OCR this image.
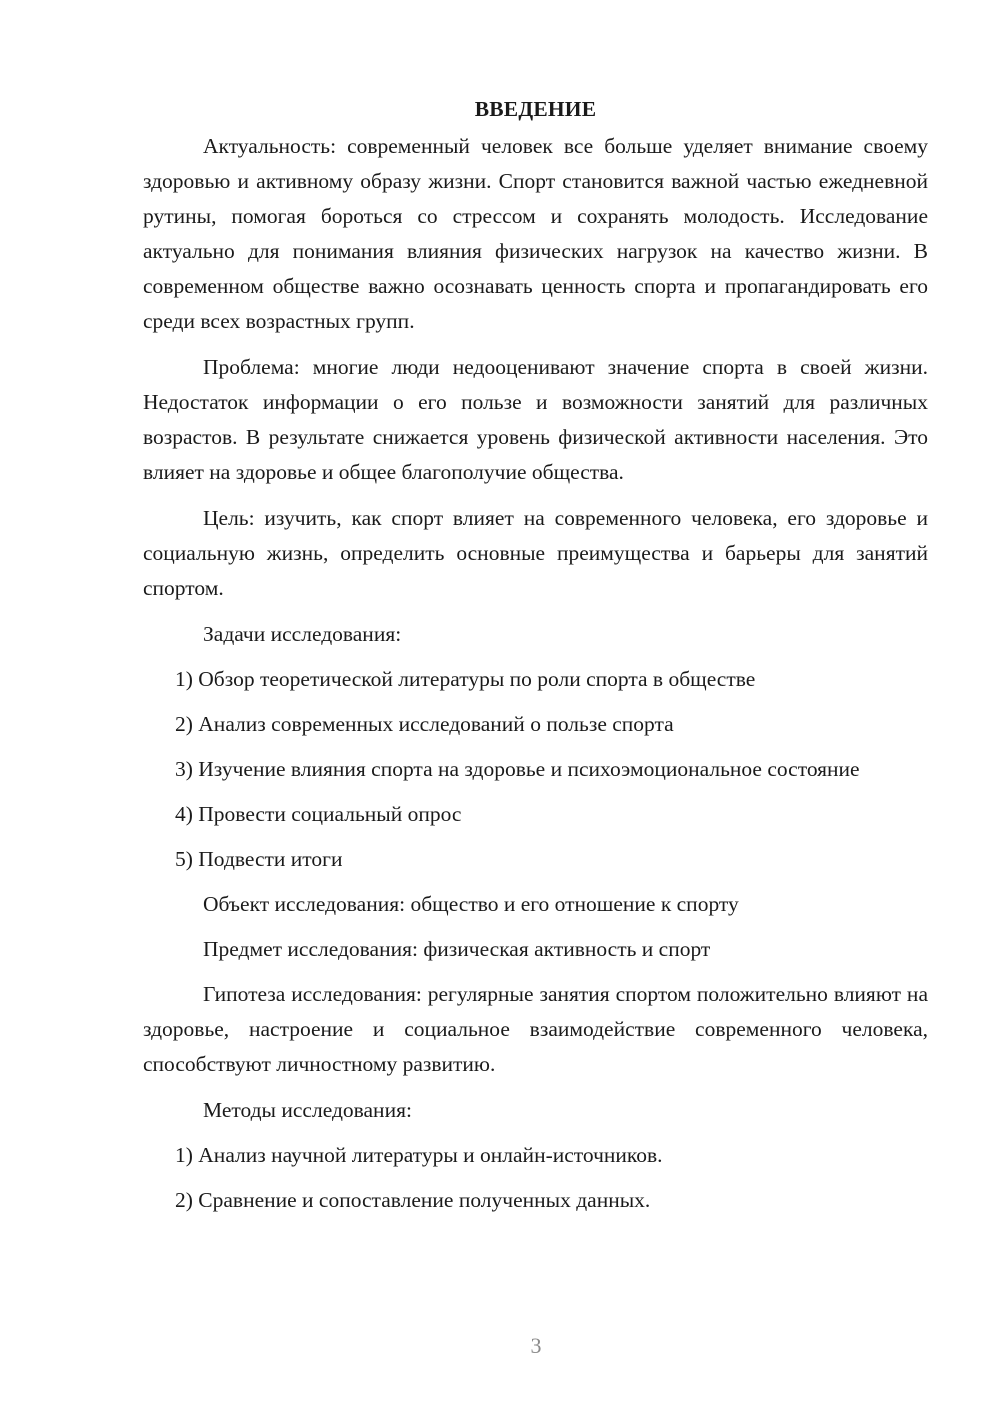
ВВЕДЕНИЕ

Актуальность: современный человек все больше уделяет внимание своему здоровью и активному образу жизни. Спорт становится важной частью ежедневной рутины, помогая бороться со стрессом и сохранять молодость. Исследование актуально для понимания влияния физических нагрузок на качество жизни. В современном обществе важно осознавать ценность спорта и пропагандировать его среди всех возрастных групп.

Проблема: многие люди недооценивают значение спорта в своей жизни. Недостаток информации о его пользе и возможности занятий для различных возрастов. В результате снижается уровень физической активности населения. Это влияет на здоровье и общее благополучие общества.

Цель: изучить, как спорт влияет на современного человека, его здоровье и социальную жизнь, определить основные преимущества и барьеры для занятий спортом.

Задачи исследования:

1) Обзор теоретической литературы по роли спорта в обществе

2) Анализ современных исследований о пользе спорта

3) Изучение влияния спорта на здоровье и психоэмоциональное состояние

4) Провести социальный опрос

5) Подвести итоги

Объект исследования: общество и его отношение к спорту

Предмет исследования: физическая активность и спорт

Гипотеза исследования: регулярные занятия спортом положительно влияют на здоровье, настроение и социальное взаимодействие современного человека, способствуют личностному развитию.

Методы исследования:

1) Анализ научной литературы и онлайн-источников.

2) Сравнение и сопоставление полученных данных.

3
